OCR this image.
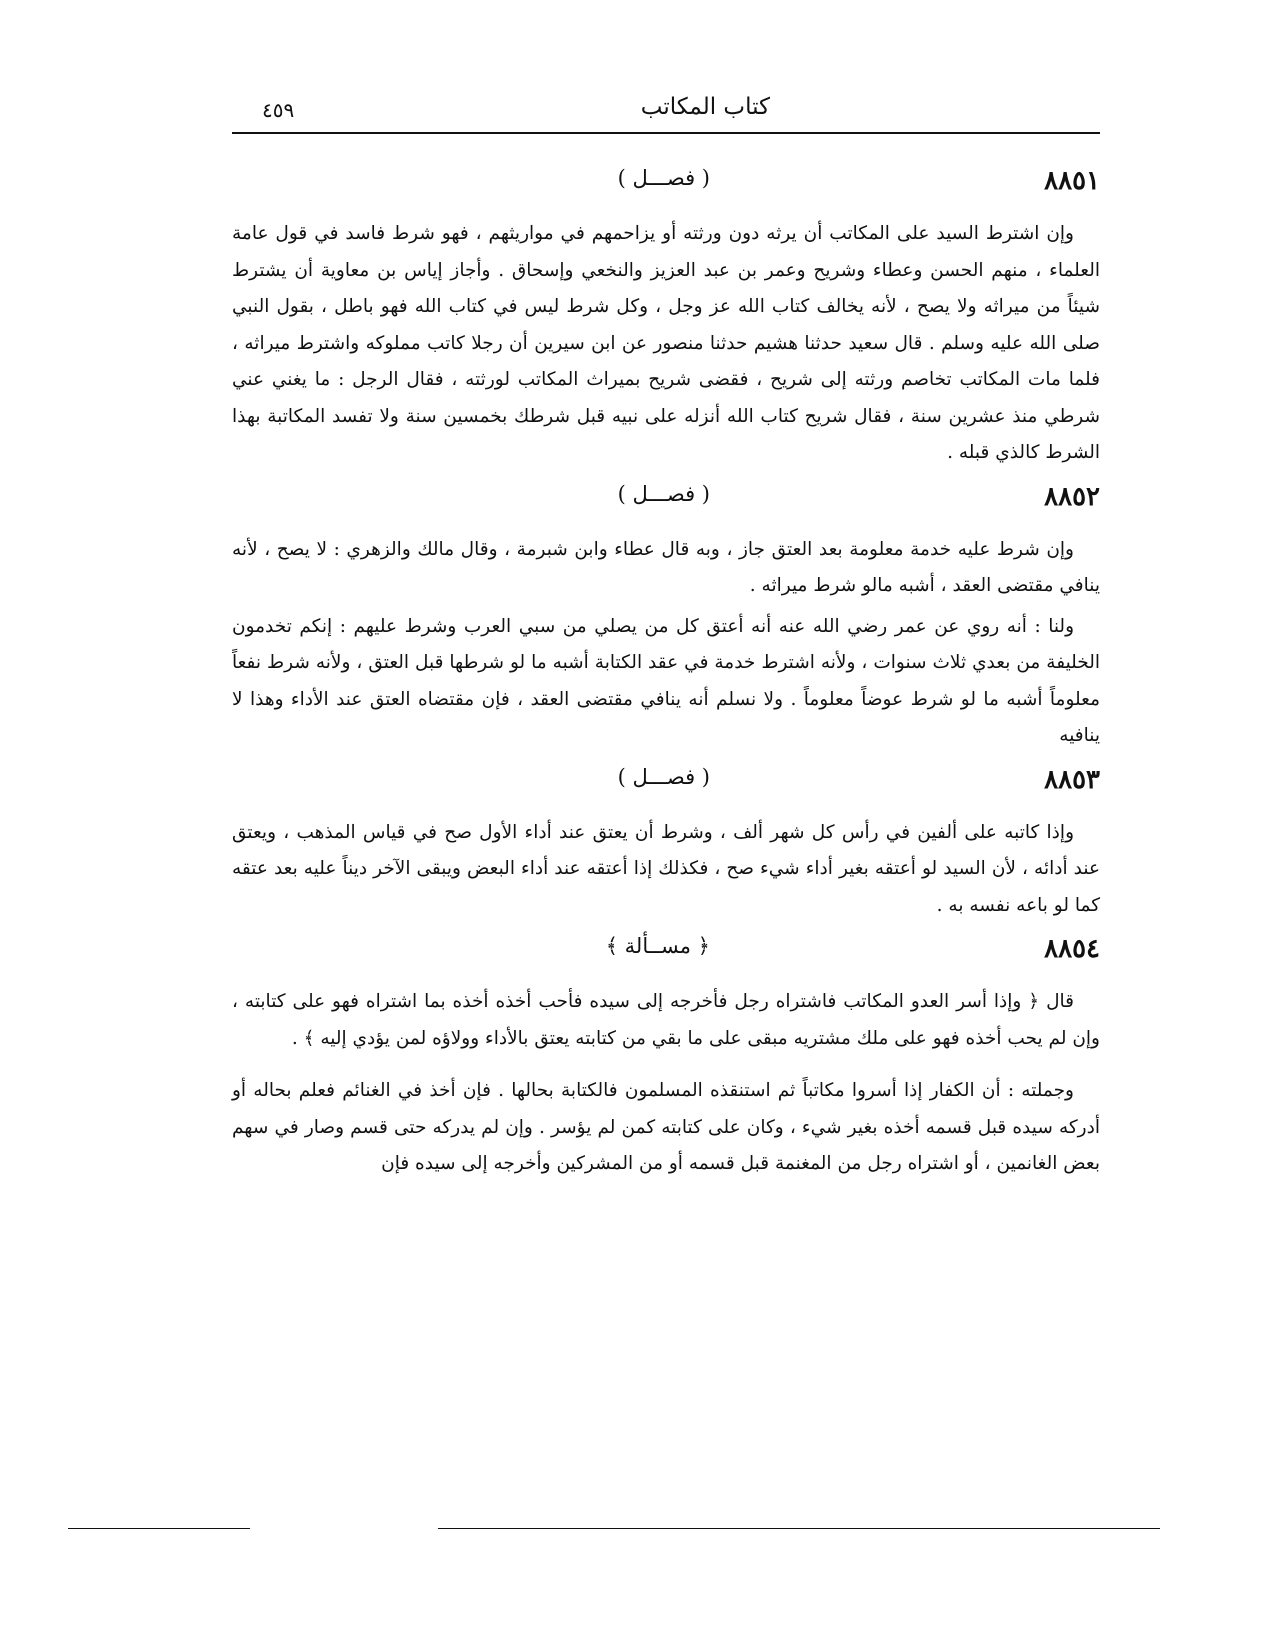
كتاب المكاتب
٤٥٩
٨٨٥١
( فصـــل )

وإن اشترط السيد على المكاتب أن يرثه دون ورثته أو يزاحمهم في مواريثهم ، فهو شرط فاسد في قول عامة العلماء ، منهم الحسن وعطاء وشريح وعمر بن عبد العزيز والنخعي وإسحاق . وأجاز إياس بن معاوية أن يشترط شيئاً من ميراثه ولا يصح ، لأنه يخالف كتاب الله عز وجل ، وكل شرط ليس في كتاب الله فهو باطل ، بقول النبي صلى الله عليه وسلم . قال سعيد حدثنا هشيم حدثنا منصور عن ابن سيرين أن رجلا كاتب مملوكه واشترط ميراثه ، فلما مات المكاتب تخاصم ورثته إلى شريح ، فقضى شريح بميراث المكاتب لورثته ، فقال الرجل : ما يغني عني شرطي منذ عشرين سنة ، فقال شريح كتاب الله أنزله على نبيه قبل شرطك بخمسين سنة ولا تفسد المكاتبة بهذا الشرط كالذي قبله .

٨٨٥٢
( فصـــل )

وإن شرط عليه خدمة معلومة بعد العتق جاز ، وبه قال عطاء وابن شبرمة ، وقال مالك والزهري : لا يصح ، لأنه ينافي مقتضى العقد ، أشبه مالو شرط ميراثه .

ولنا : أنه روي عن عمر رضي الله عنه أنه أعتق كل من يصلي من سبي العرب وشرط عليهم : إنكم تخدمون الخليفة من بعدي ثلاث سنوات ، ولأنه اشترط خدمة في عقد الكتابة أشبه ما لو شرطها قبل العتق ، ولأنه شرط نفعاً معلوماً أشبه ما لو شرط عوضاً معلوماً . ولا نسلم أنه ينافي مقتضى العقد ، فإن مقتضاه العتق عند الأداء وهذا لا ينافيه

٨٨٥٣
( فصـــل )

وإذا كاتبه على ألفين في رأس كل شهر ألف ، وشرط أن يعتق عند أداء الأول صح في قياس المذهب ، ويعتق عند أدائه ، لأن السيد لو أعتقه بغير أداء شيء صح ، فكذلك إذا أعتقه عند أداء البعض ويبقى الآخر ديناً عليه بعد عتقه كما لو باعه نفسه به .

٨٨٥٤
﴿ مســألة ﴾

قال ﴿ وإذا أسر العدو المكاتب فاشتراه رجل فأخرجه إلى سيده فأحب أخذه أخذه بما اشتراه فهو على كتابته ، وإن لم يحب أخذه فهو على ملك مشتريه مبقى على ما بقي من كتابته يعتق بالأداء وولاؤه لمن يؤدي إليه ﴾ .

وجملته : أن الكفار إذا أسروا مكاتباً ثم استنقذه المسلمون فالكتابة بحالها . فإن أخذ في الغنائم فعلم بحاله أو أدركه سيده قبل قسمه أخذه بغير شيء ، وكان على كتابته كمن لم يؤسر . وإن لم يدركه حتى قسم وصار في سهم بعض الغانمين ، أو اشتراه رجل من المغنمة قبل قسمه أو من المشركين وأخرجه إلى سيده فإن
